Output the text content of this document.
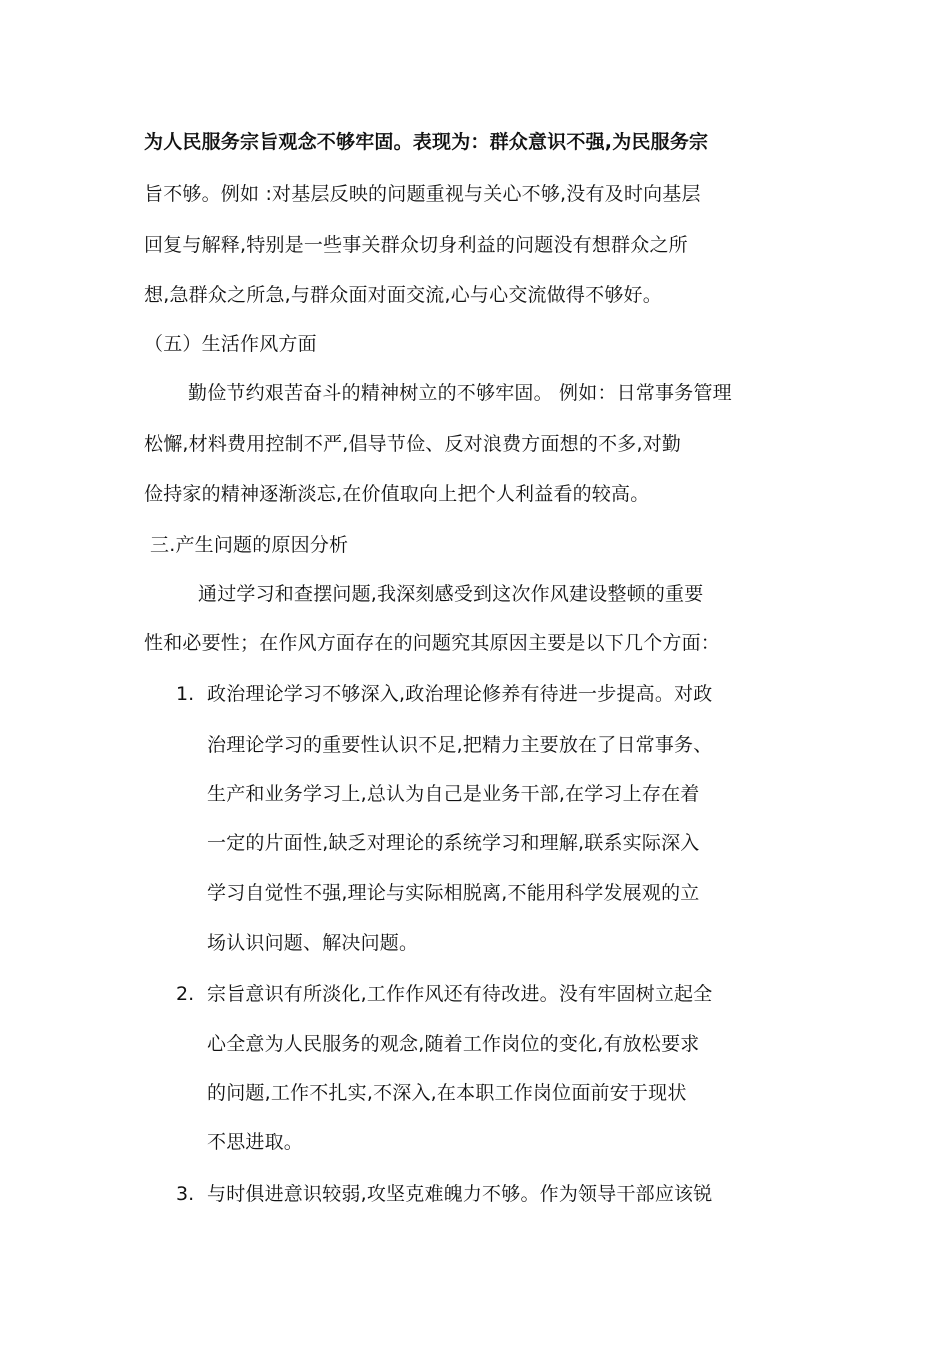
为人民服务宗旨观念不够牢固。表现为：群众意识不强,为民服务宗
旨不够。例如 :对基层反映的问题重视与关心不够,没有及时向基层
回复与解释,特别是一些事关群众切身利益的问题没有想群众之所
想,急群众之所急,与群众面对面交流,心与心交流做得不够好。
（五）生活作风方面
勤俭节约艰苦奋斗的精神树立的不够牢固。 例如：日常事务管理
松懈,材料费用控制不严,倡导节俭、反对浪费方面想的不多,对勤
俭持家的精神逐渐淡忘,在价值取向上把个人利益看的较高。
三.产生问题的原因分析
通过学习和查摆问题,我深刻感受到这次作风建设整顿的重要
性和必要性；在作风方面存在的问题究其原因主要是以下几个方面：
1. 政治理论学习不够深入,政治理论修养有待进一步提高。对政
治理论学习的重要性认识不足,把精力主要放在了日常事务、
生产和业务学习上,总认为自己是业务干部,在学习上存在着
一定的片面性,缺乏对理论的系统学习和理解,联系实际深入
学习自觉性不强,理论与实际相脱离,不能用科学发展观的立
场认识问题、解决问题。
2. 宗旨意识有所淡化,工作作风还有待改进。没有牢固树立起全
心全意为人民服务的观念,随着工作岗位的变化,有放松要求
的问题,工作不扎实,不深入,在本职工作岗位面前安于现状
不思进取。
3. 与时俱进意识较弱,攻坚克难魄力不够。作为领导干部应该锐
